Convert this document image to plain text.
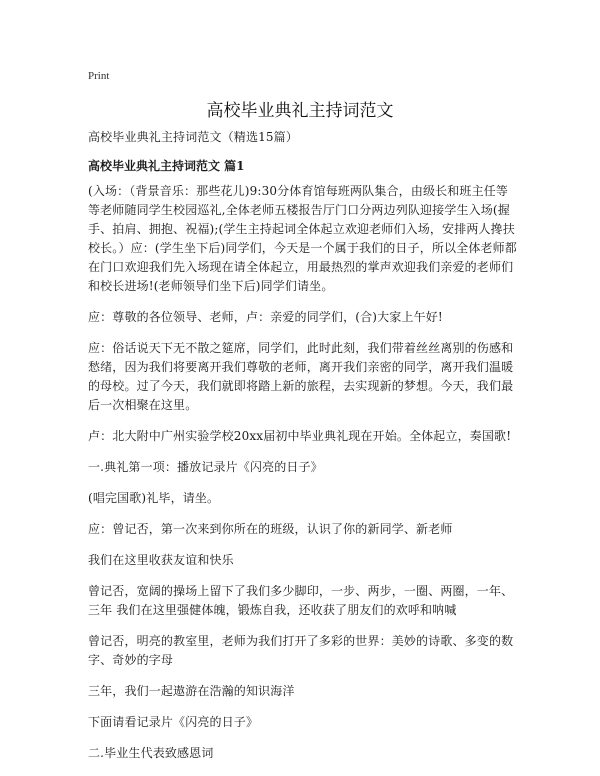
Print
高校毕业典礼主持词范文

高校毕业典礼主持词范文（精选15篇）

高校毕业典礼主持词范文 篇1

(入场：（背景音乐：那些花儿)9:30分体育馆每班两队集合，由级长和班主任等等老师随同学生校园巡礼,全体老师五楼报告厅门口分两边列队迎接学生入场(握手、拍肩、拥抱、祝福);(学生主持起词全体起立欢迎老师们入场，安排两人搀扶校长。）应：(学生坐下后)同学们，今天是一个属于我们的日子，所以全体老师都在门口欢迎我们先入场现在请全体起立，用最热烈的掌声欢迎我们亲爱的老师们和校长进场!(老师领导们坐下后)同学们请坐。

应：尊敬的各位领导、老师，卢：亲爱的同学们，(合)大家上午好!

应：俗话说天下无不散之筵席，同学们，此时此刻，我们带着丝丝离别的伤感和愁绪，因为我们将要离开我们尊敬的老师，离开我们亲密的同学，离开我们温暖的母校。过了今天，我们就即将踏上新的旅程，去实现新的梦想。今天，我们最后一次相聚在这里。

卢：北大附中广州实验学校20xx届初中毕业典礼现在开始。全体起立，奏国歌!

一.典礼第一项：播放记录片《闪亮的日子》

(唱完国歌)礼毕，请坐。

应：曾记否，第一次来到你所在的班级，认识了你的新同学、新老师

我们在这里收获友谊和快乐

曾记否，宽阔的操场上留下了我们多少脚印，一步、两步，一圈、两圈，一年、三年 我们在这里强健体魄，锻炼自我，还收获了朋友们的欢呼和呐喊

曾记否，明亮的教室里，老师为我们打开了多彩的世界：美妙的诗歌、多变的数字、奇妙的字母

三年，我们一起遨游在浩瀚的知识海洋

下面请看记录片《闪亮的日子》

二.毕业生代表致感恩词
